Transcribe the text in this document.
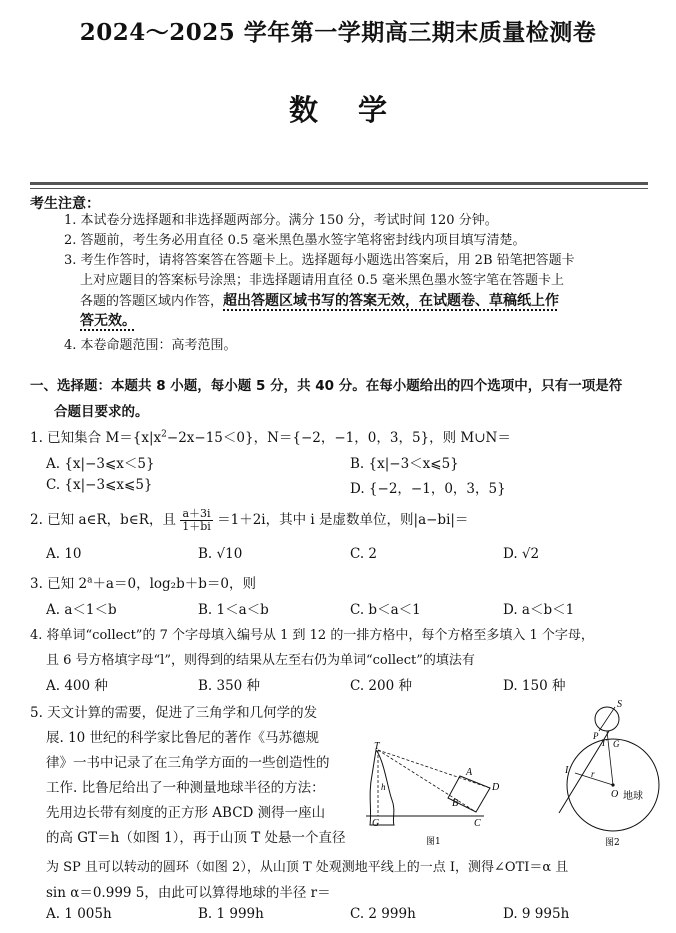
2024～2025 学年第一学期高三期末质量检测卷
数学
考生注意：
1. 本试卷分选择题和非选择题两部分。满分 150 分，考试时间 120 分钟。
2. 答题前，考生务必用直径 0.5 毫米黑色墨水签字笔将密封线内项目填写清楚。
3. 考生作答时，请将答案答在答题卡上。选择题每小题选出答案后，用 2B 铅笔把答题卡
上对应题目的答案标号涂黑；非选择题请用直径 0.5 毫米黑色墨水签字笔在答题卡上
各题的答题区域内作答，超出答题区域书写的答案无效，在试题卷、草稿纸上作
答无效。
4. 本卷命题范围：高考范围。
一、选择题：本题共 8 小题，每小题 5 分，共 40 分。在每小题给出的四个选项中，只有一项是符
合题目要求的。
1. 已知集合 $M=\{x|x^2-2x-15<0\}$，N＝{−2，−1，0，3，5}，则 M∪N＝
A. {x|−3⩽x＜5}	B. {x|−3＜x⩽5}
C. {x|−3⩽x⩽5}	D. {−2，−1，0，3，5}
2. 已知 a∈R，b∈R，且 $\frac{a+3i}{1+bi} =1+2i$，其中 i 是虚数单位，则|a−bi|＝
A. 10	B. √10	C. 2	D. √2
3. 已知 $2^a+a=0$，log₂b＋b＝0，则
A. a＜1＜b	B. 1＜a＜b	C. b＜a＜1	D. a＜b＜1
4. 将单词“collect”的 7 个字母填入编号从 1 到 12 的一排方格中，每个方格至多填入 1 个字母，
且 6 号方格填字母“l”，则得到的结果从左至右仍为单词“collect”的填法有
A. 400 种	B. 350 种	C. 200 种	D. 150 种
5. 天文计算的需要，促进了三角学和几何学的发
展. 10 世纪的科学家比鲁尼的著作《马苏德规
律》一书中记录了在三角学方面的一些创造性的
工作. 比鲁尼给出了一种测量地球半径的方法：
先用边长带有刻度的正方形 ABCD 测得一座山
的高 GT＝h（如图 1），再于山顶 T 处悬一个直径
为 SP 且可以转动的圆环（如图 2），从山顶 T 处观测地平线上的一点 I，测得∠OTI＝α 且
sin α＝0.999 5，由此可以算得地球的半径 r＝
A. 1 005h	B. 1 999h	C. 2 999h	D. 9 995h
T
A
B
C
D
G
h
图1
S
P
T G
I	r
O 地球
图2
